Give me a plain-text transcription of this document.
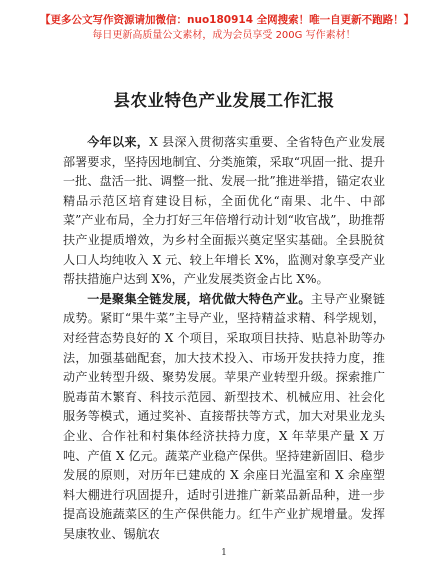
【更多公文写作资源请加微信：nuo180914 全网搜索！唯一自更新不跑路！】
每日更新高质量公文素材，成为会员享受 200G 写作素材！
县农业特色产业发展工作汇报

今年以来，X 县深入贯彻落实重要、全省特色产业发展部署要求，坚持因地制宜、分类施策，采取“巩固一批、提升一批、盘活一批、调整一批、发展一批”推进举措，锚定农业精品示范区培育建设目标，全面优化“南果、北牛、中部菜”产业布局，全力打好三年倍增行动计划“收官战”，助推帮扶产业提质增效，为乡村全面振兴奠定坚实基础。全县脱贫人口人均纯收入 X 元、较上年增长 X%，监测对象享受产业帮扶措施户达到 X%，产业发展类资金占比 X%。

一是聚集全链发展，培优做大特色产业。主导产业聚链成势。紧盯“果牛菜”主导产业，坚持精益求精、科学规划，对经营态势良好的 X 个项目，采取项目扶持、贴息补助等办法，加强基础配套，加大技术投入、市场开发扶持力度，推动产业转型升级、聚势发展。苹果产业转型升级。探索推广脱毒苗木繁育、科技示范园、新型技术、机械应用、社会化服务等模式，通过奖补、直接帮扶等方式，加大对果业龙头企业、合作社和村集体经济扶持力度，X 年苹果产量 X 万吨、产值 X 亿元。蔬菜产业稳产保供。坚持建新固旧、稳步发展的原则，对历年已建成的 X 余座日光温室和 X 余座塑料大棚进行巩固提升，适时引进推广新菜品新品种，进一步提高设施蔬菜区的生产保供能力。红牛产业扩规增量。发挥昊康牧业、锡航农

1
